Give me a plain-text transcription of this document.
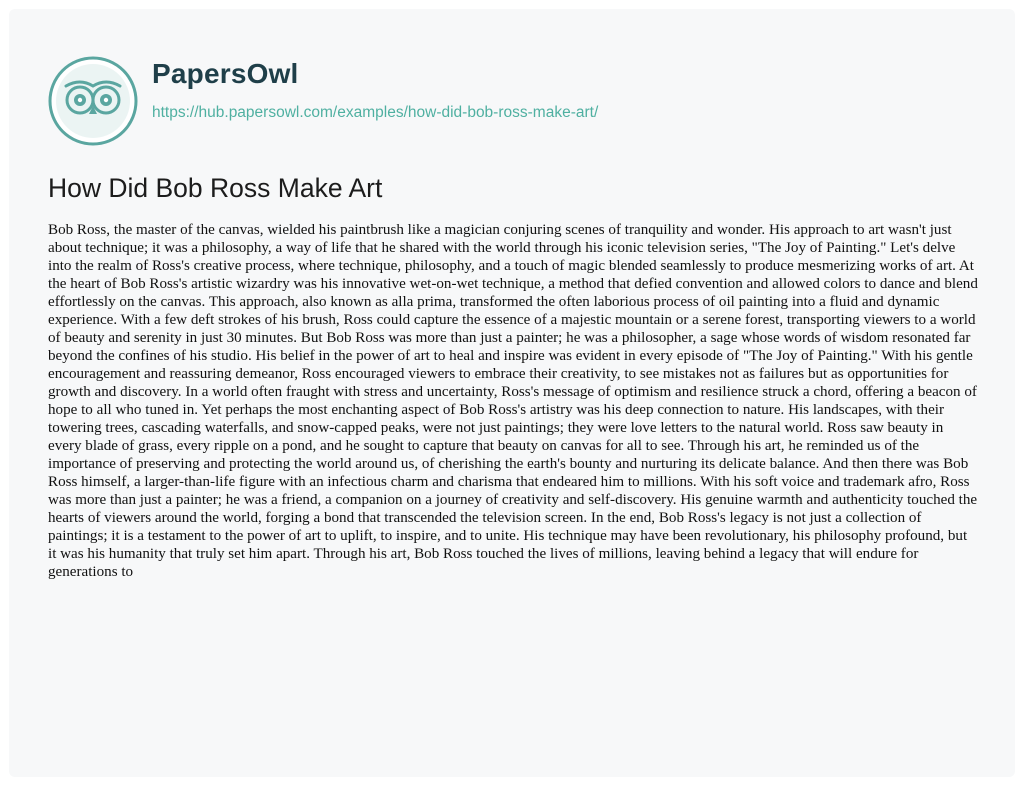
PapersOwl
https://hub.papersowl.com/examples/how-did-bob-ross-make-art/
How Did Bob Ross Make Art

Bob Ross, the master of the canvas, wielded his paintbrush like a magician conjuring scenes of tranquility and wonder. His approach to art wasn't just about technique; it was a philosophy, a way of life that he shared with the world through his iconic television series, "The Joy of Painting." Let's delve into the realm of Ross's creative process, where technique, philosophy, and a touch of magic blended seamlessly to produce mesmerizing works of art. At the heart of Bob Ross's artistic wizardry was his innovative wet-on-wet technique, a method that defied convention and allowed colors to dance and blend effortlessly on the canvas. This approach, also known as alla prima, transformed the often laborious process of oil painting into a fluid and dynamic experience. With a few deft strokes of his brush, Ross could capture the essence of a majestic mountain or a serene forest, transporting viewers to a world of beauty and serenity in just 30 minutes. But Bob Ross was more than just a painter; he was a philosopher, a sage whose words of wisdom resonated far beyond the confines of his studio. His belief in the power of art to heal and inspire was evident in every episode of "The Joy of Painting." With his gentle encouragement and reassuring demeanor, Ross encouraged viewers to embrace their creativity, to see mistakes not as failures but as opportunities for growth and discovery. In a world often fraught with stress and uncertainty, Ross's message of optimism and resilience struck a chord, offering a beacon of hope to all who tuned in. Yet perhaps the most enchanting aspect of Bob Ross's artistry was his deep connection to nature. His landscapes, with their towering trees, cascading waterfalls, and snow-capped peaks, were not just paintings; they were love letters to the natural world. Ross saw beauty in every blade of grass, every ripple on a pond, and he sought to capture that beauty on canvas for all to see. Through his art, he reminded us of the importance of preserving and protecting the world around us, of cherishing the earth's bounty and nurturing its delicate balance. And then there was Bob Ross himself, a larger-than-life figure with an infectious charm and charisma that endeared him to millions. With his soft voice and trademark afro, Ross was more than just a painter; he was a friend, a companion on a journey of creativity and self-discovery. His genuine warmth and authenticity touched the hearts of viewers around the world, forging a bond that transcended the television screen. In the end, Bob Ross's legacy is not just a collection of paintings; it is a testament to the power of art to uplift, to inspire, and to unite. His technique may have been revolutionary, his philosophy profound, but it was his humanity that truly set him apart. Through his art, Bob Ross touched the lives of millions, leaving behind a legacy that will endure for generations to
